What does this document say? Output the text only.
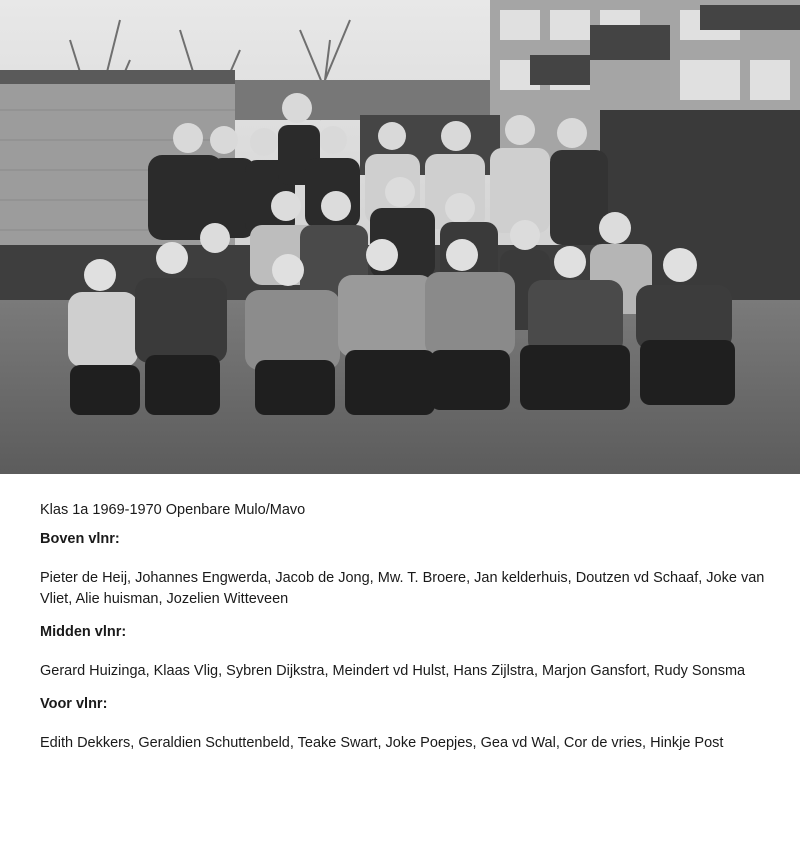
Klas 1a 1969-1970 Openbare Mulo/Mavo

Boven vlnr:

Pieter de Heij, Johannes Engwerda, Jacob de Jong, Mw. T. Broere, Jan kelderhuis, Doutzen vd Schaaf, Joke van Vliet, Alie huisman, Jozelien Witteveen

Midden vlnr:

Gerard Huizinga, Klaas Vlig, Sybren Dijkstra, Meindert vd Hulst, Hans Zijlstra, Marjon Gansfort, Rudy Sonsma

Voor vlnr:

Edith Dekkers, Geraldien Schuttenbeld, Teake Swart, Joke Poepjes, Gea vd Wal, Cor de vries, Hinkje Post
